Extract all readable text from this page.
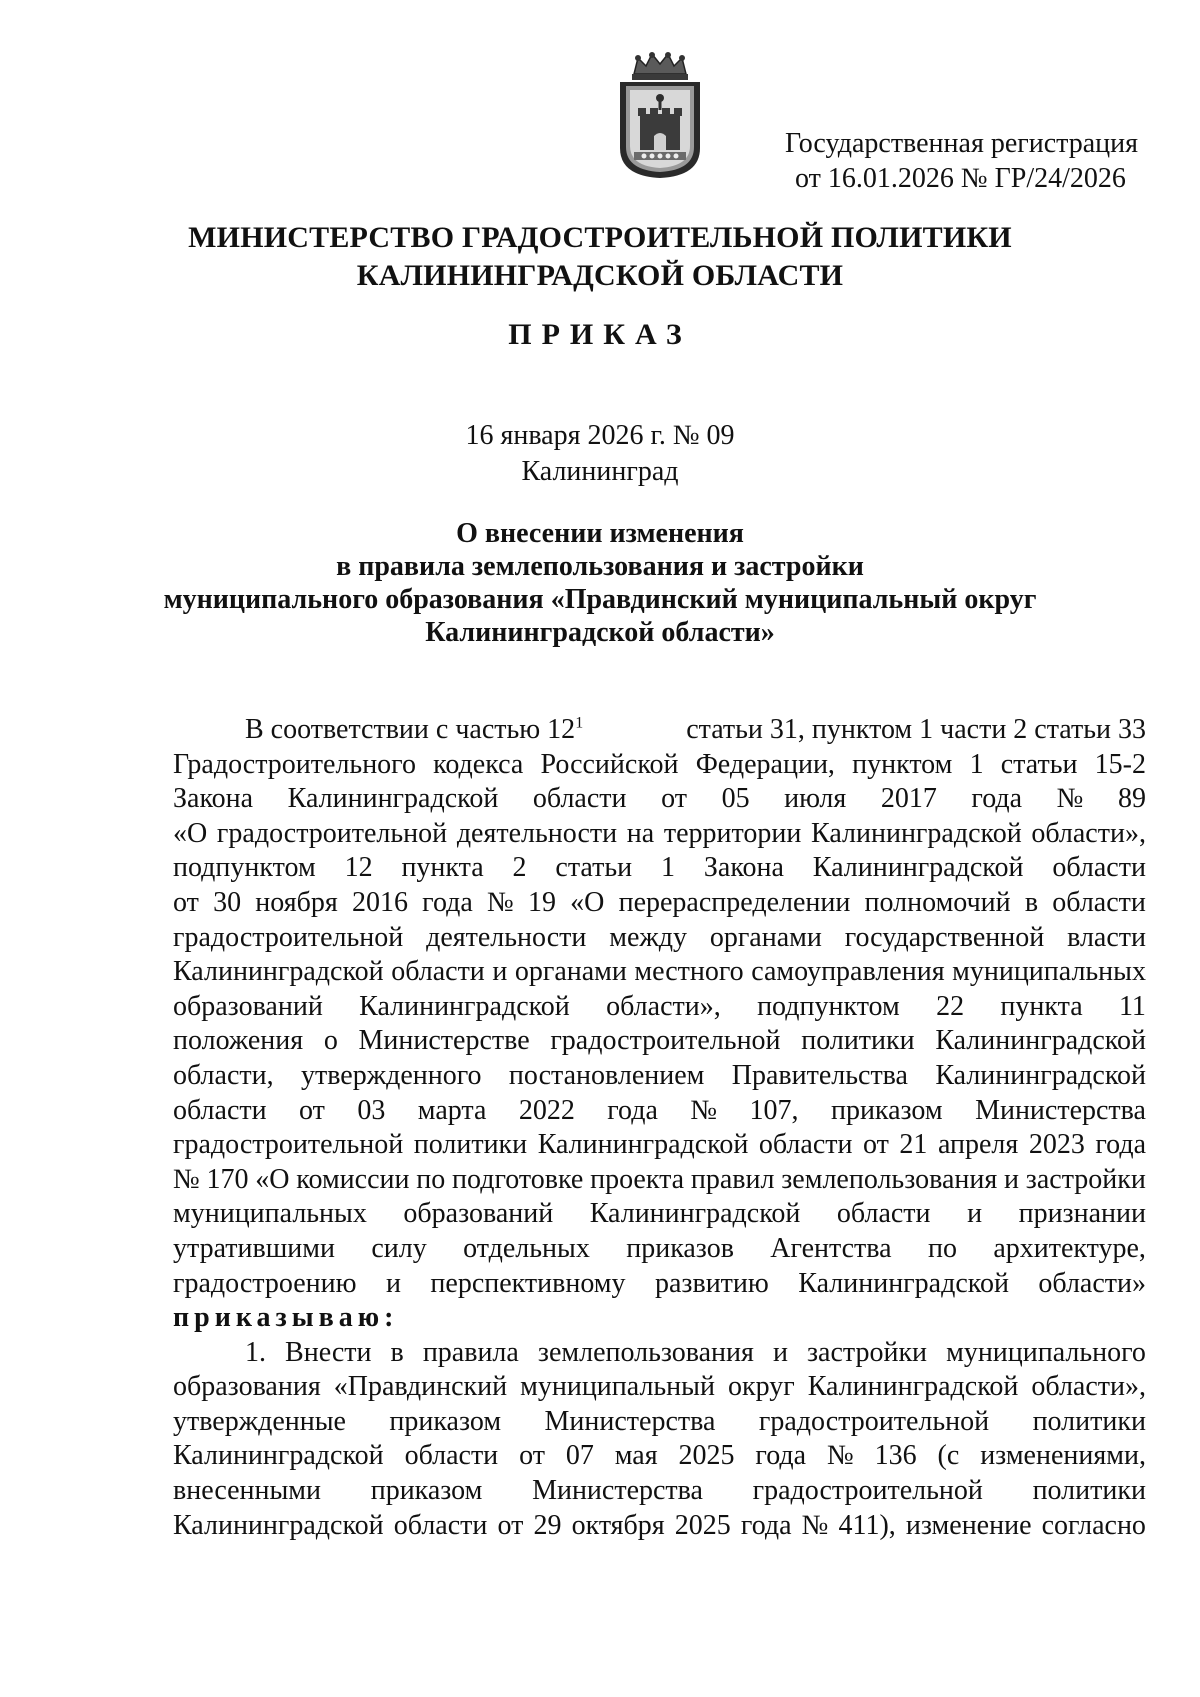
Государственная регистрация
от 16.01.2026 № ГР/24/2026
МИНИСТЕРСТВО ГРАДОСТРОИТЕЛЬНОЙ ПОЛИТИКИ
КАЛИНИНГРАДСКОЙ ОБЛАСТИ
ПРИКАЗ
16 января 2026 г. № 09
Калининград
О внесении изменения
в правила землепользования и застройки
муниципального образования «Правдинский муниципальный округ
Калининградской области»
В соответствии с частью $12^1$	статьи 31, пунктом 1 части 2 статьи 33
Градостроительного кодекса Российской Федерации, пунктом 1 статьи 15-2
Закона Калининградской области от 05 июля 2017 года № 89
«О градостроительной деятельности на территории Калининградской области»,
подпунктом 12 пункта 2 статьи 1 Закона Калининградской области
от 30 ноября 2016 года № 19 «О перераспределении полномочий в области
градостроительной деятельности между органами государственной власти
Калининградской области и органами местного самоуправления муниципальных
образований Калининградской области», подпунктом 22 пункта 11
положения о Министерстве градостроительной политики Калининградской
области, утвержденного постановлением Правительства Калининградской
области от 03 марта 2022 года № 107, приказом Министерства
градостроительной политики Калининградской области от 21 апреля 2023 года
№ 170 «О комиссии по подготовке проекта правил землепользования и застройки
муниципальных образований Калининградской области и признании
утратившими силу отдельных приказов Агентства по архитектуре,
градостроению и перспективному развитию Калининградской области»
приказываю:
1. Внести в правила землепользования и застройки муниципального
образования «Правдинский муниципальный округ Калининградской области»,
утвержденные приказом Министерства градостроительной политики
Калининградской области от 07 мая 2025 года № 136 (с изменениями,
внесенными приказом Министерства градостроительной политики
Калининградской области от 29 октября 2025 года № 411), изменение согласно
